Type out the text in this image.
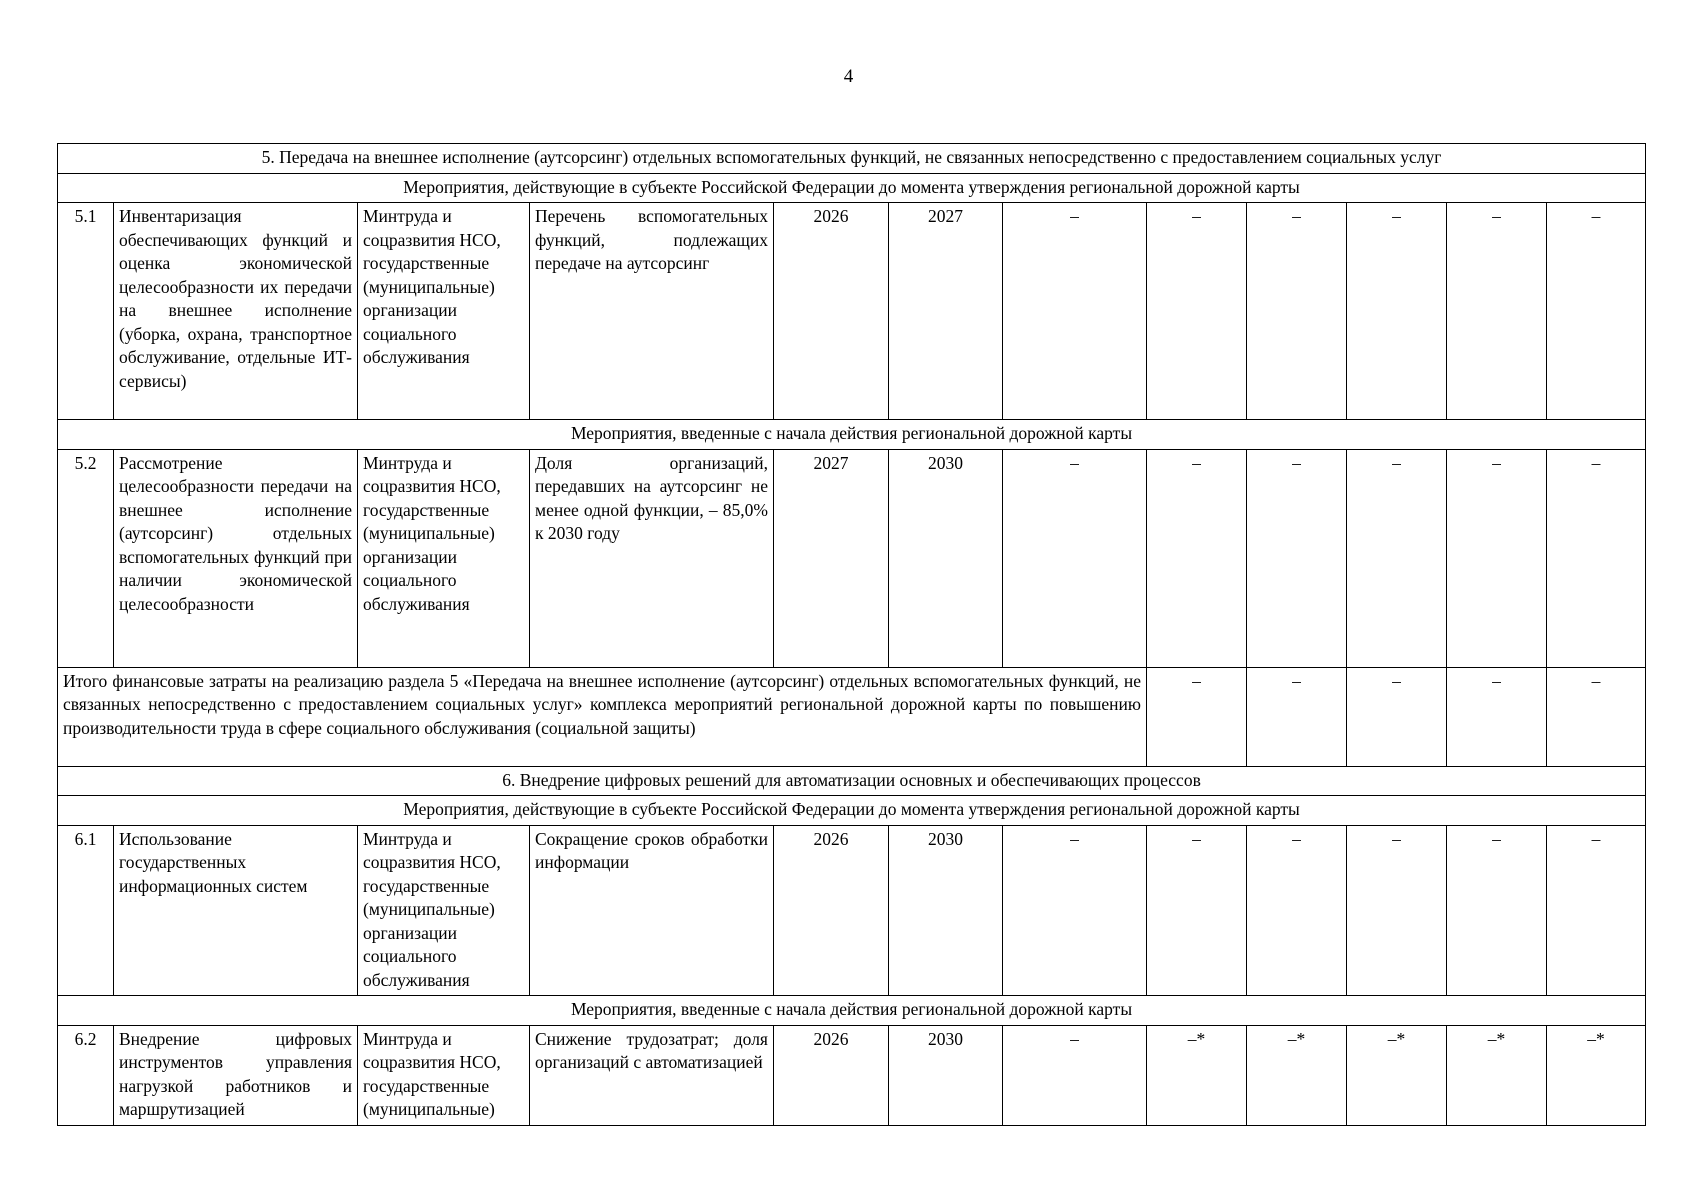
4
5. Передача на внешнее исполнение (аутсорсинг) отдельных вспомогательных функций, не связанных непосредственно с предоставлением социальных услуг											
Мероприятия, действующие в субъекте Российской Федерации до момента утверждения региональной дорожной карты											
5.1	Инвентаризация обеспечивающих функций и оценка экономической целесообразности их передачи на внешнее исполнение (уборка, охрана, транспортное обслуживание, отдельные ИТ-сервисы)	Минтруда и соцразвития НСО, государственные (муниципальные) организации социального обслуживания	Перечень вспомогательных функций, подлежащих передаче на аутсорсинг	2026	2027	–	–	–	–	–	–
Мероприятия, введенные с начала действия региональной дорожной карты											
5.2	Рассмотрение целесообразности передачи на внешнее исполнение (аутсорсинг) отдельных вспомогательных функций при наличии экономической целесообразности	Минтруда и соцразвития НСО, государственные (муниципальные) организации социального обслуживания	Доля организаций, передавших на аутсорсинг не менее одной функции, – 85,0% к 2030 году	2027	2030	–	–	–	–	–	–
Итого финансовые затраты на реализацию раздела 5 «Передача на внешнее исполнение (аутсорсинг) отдельных вспомогательных функций, не связанных непосредственно с предоставлением социальных услуг» комплекса мероприятий региональной дорожной карты по повышению производительности труда в сфере социального обслуживания (социальной защиты)							–	–	–	–	–
6. Внедрение цифровых решений для автоматизации основных и обеспечивающих процессов											
Мероприятия, действующие в субъекте Российской Федерации до момента утверждения региональной дорожной карты											
6.1	Использование государственных информационных систем	Минтруда и соцразвития НСО, государственные (муниципальные) организации социального обслуживания	Сокращение сроков обработки информации	2026	2030	–	–	–	–	–	–
Мероприятия, введенные с начала действия региональной дорожной карты											
6.2	Внедрение цифровых инструментов управления нагрузкой работников и маршрутизацией	Минтруда и соцразвития НСО, государственные (муниципальные)	Снижение трудозатрат; доля организаций с автоматизацией	2026	2030	–	–*	–*	–*	–*	–*
